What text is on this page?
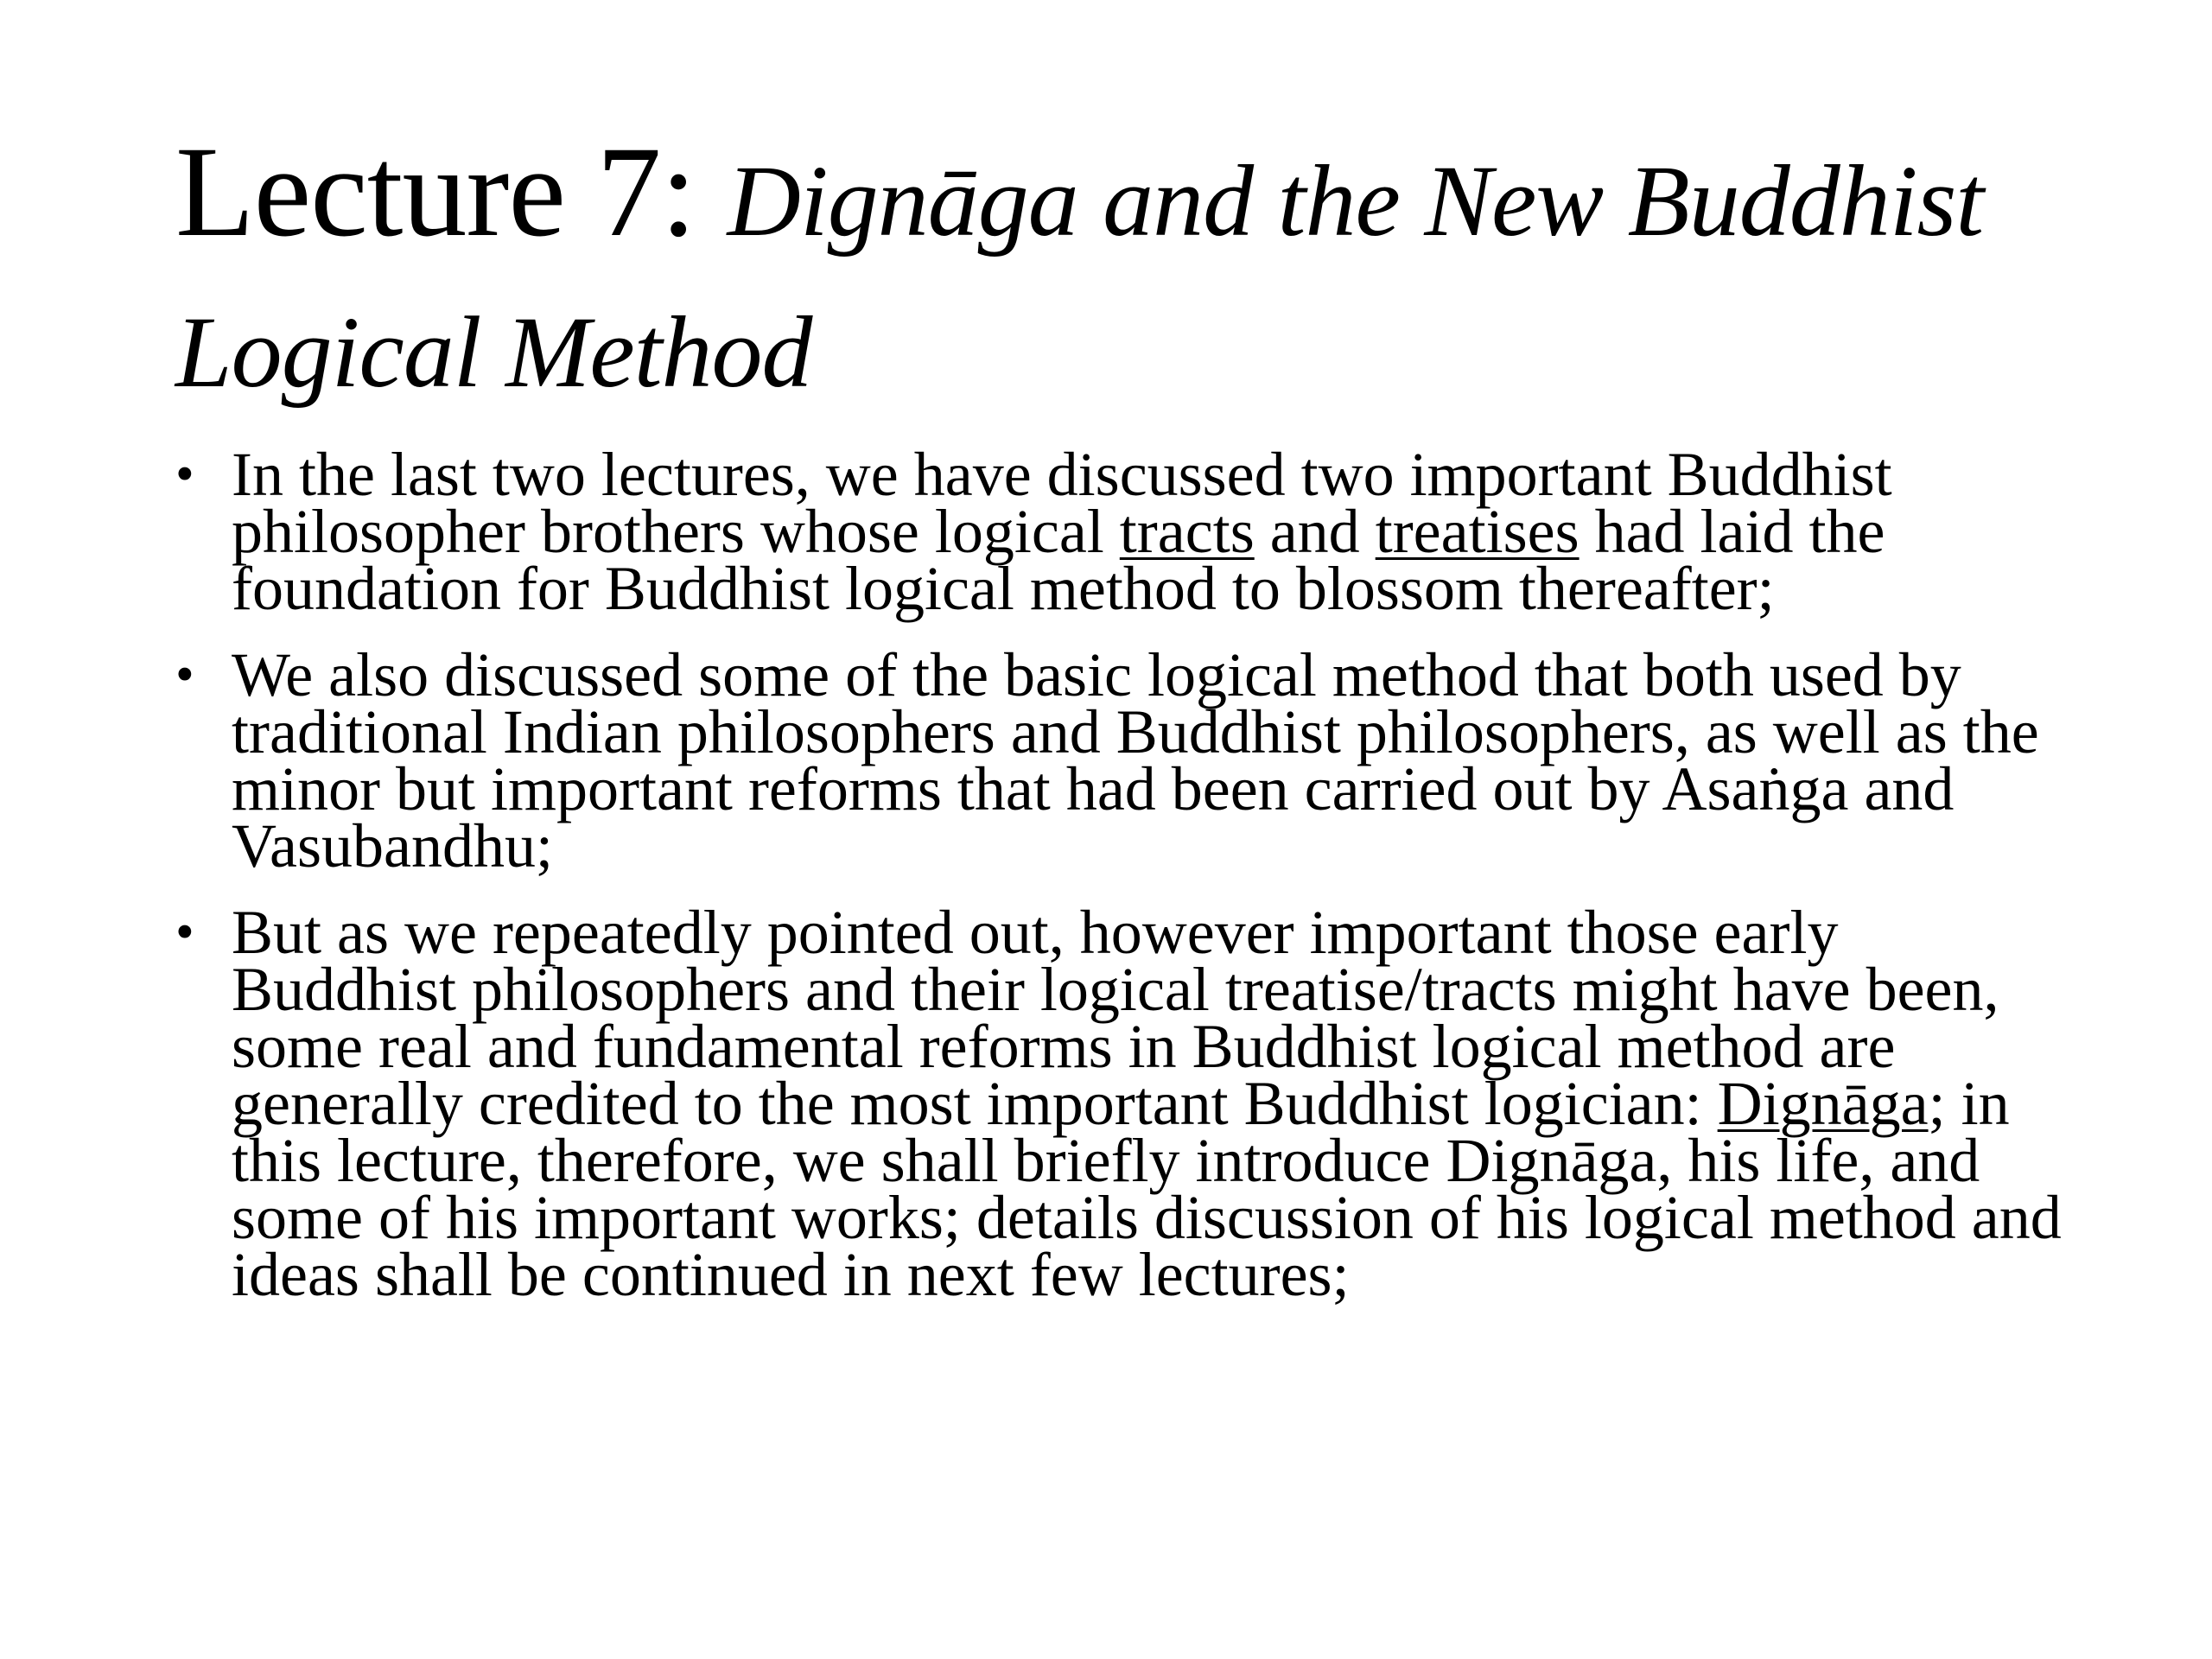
Lecture 7: Dignāga and the New Buddhist Logical Method
• In the last two lectures, we have discussed two important Buddhist philosopher brothers whose logical tracts and treatises had laid the foundation for Buddhist logical method to blossom thereafter;
• We also discussed some of the basic logical method that both used by traditional Indian philosophers and Buddhist philosophers, as well as the minor but important reforms that had been carried out by Asaṅga and Vasubandhu;
• But as we repeatedly pointed out, however important those early Buddhist philosophers and their logical treatise/tracts might have been, some real and fundamental reforms in Buddhist logical method are generally credited to the most important Buddhist logician: Dignāga; in this lecture, therefore, we shall briefly introduce Dignāga, his life, and some of his important works; details discussion of his logical method and ideas shall be continued in next few lectures;
